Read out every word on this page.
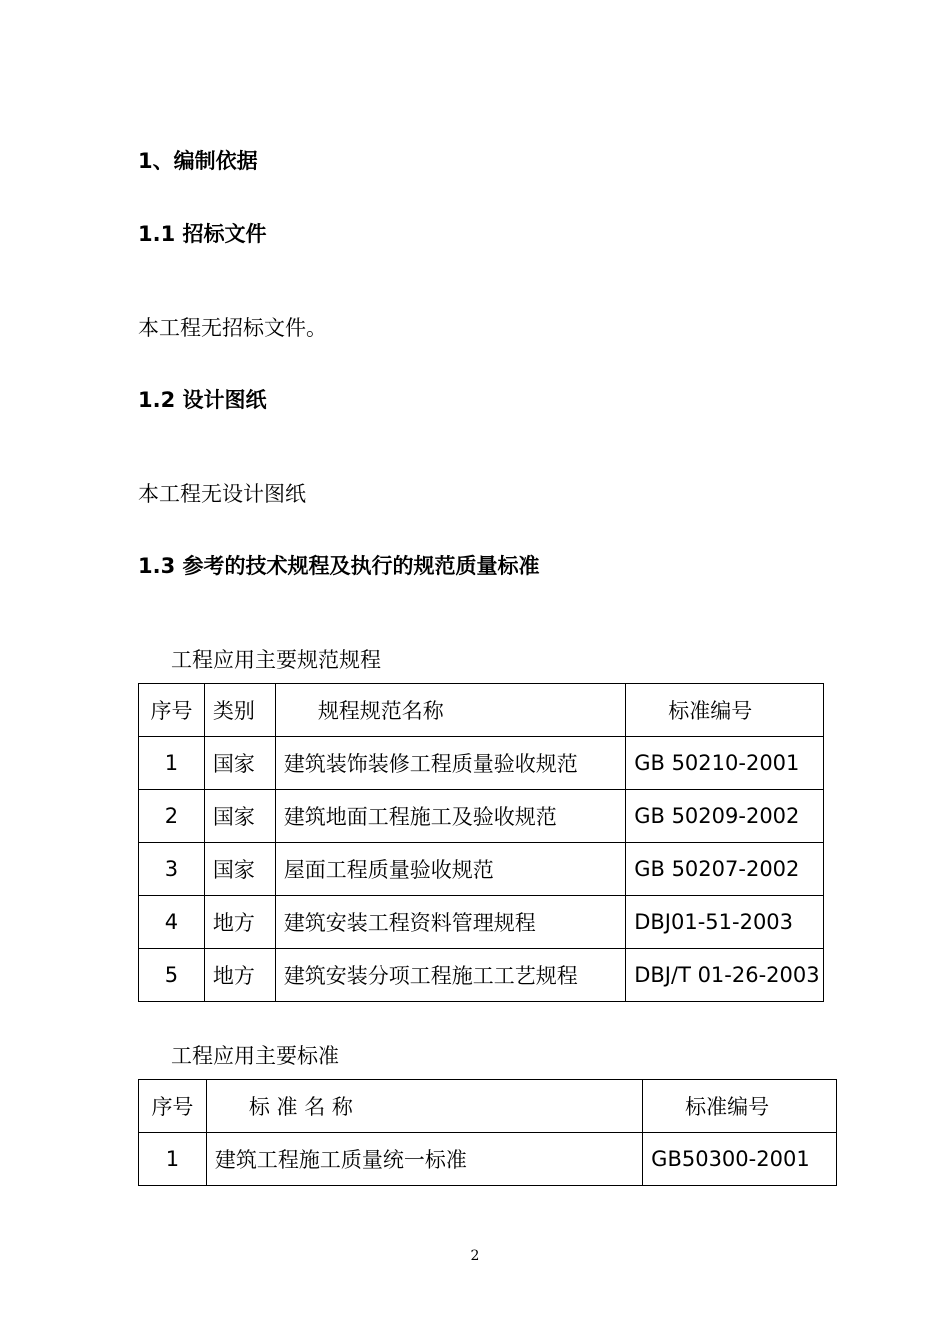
1、编制依据
1.1 招标文件
本工程无招标文件。
1.2 设计图纸
本工程无设计图纸
1.3 参考的技术规程及执行的规范质量标准
工程应用主要规范规程
序号	类别	规程规范名称	标准编号
1	国家	建筑装饰装修工程质量验收规范	GB 50210-2001
2	国家	建筑地面工程施工及验收规范	GB 50209-2002
3	国家	屋面工程质量验收规范	GB 50207-2002
4	地方	建筑安装工程资料管理规程	DBJ01-51-2003
5	地方	建筑安装分项工程施工工艺规程	DBJ/T 01-26-2003
工程应用主要标准
序号	标 准 名 称	标准编号
1	建筑工程施工质量统一标准	GB50300-2001
2
